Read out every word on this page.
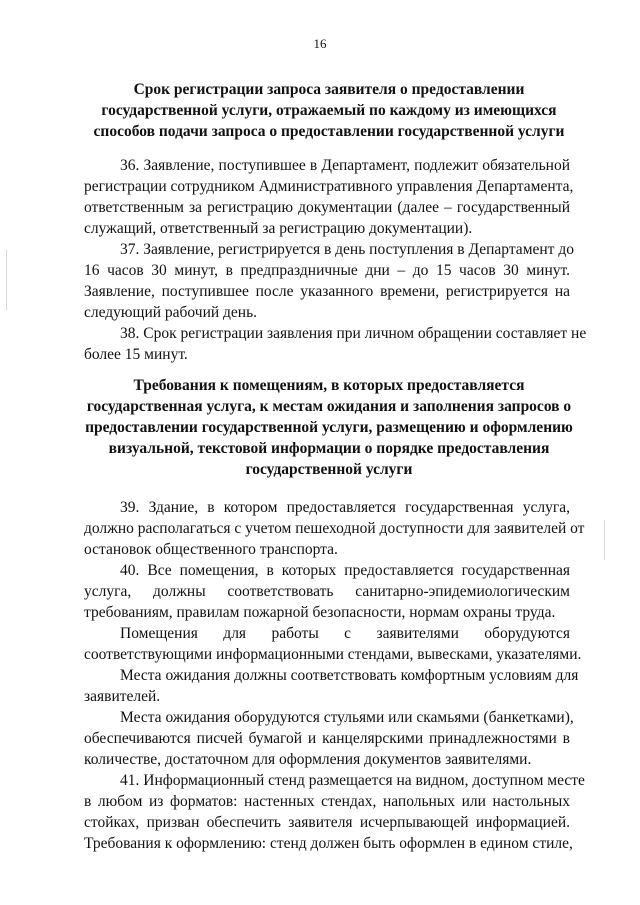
16
Срок регистрации запроса заявителя о предоставлении
государственной услуги, отражаемый по каждому из имеющихся
способов подачи запроса о предоставлении государственной услуги
36. Заявление, поступившее в Департамент, подлежит обязательной
регистрации сотрудником Административного управления Департамента,
ответственным за регистрацию документации (далее – государственный
служащий, ответственный за регистрацию документации).
37. Заявление, регистрируется в день поступления в Департамент до
16 часов 30 минут, в предпраздничные дни – до 15 часов 30 минут.
Заявление, поступившее после указанного времени, регистрируется на
следующий рабочий день.
38. Срок регистрации заявления при личном обращении составляет не
более 15 минут.
Требования к помещениям, в которых предоставляется
государственная услуга, к местам ожидания и заполнения запросов о
предоставлении государственной услуги, размещению и оформлению
визуальной, текстовой информации о порядке предоставления
государственной услуги
39. Здание, в котором предоставляется государственная услуга,
должно располагаться с учетом пешеходной доступности для заявителей от
остановок общественного транспорта.
40. Все помещения, в которых предоставляется государственная
услуга, должны соответствовать санитарно-эпидемиологическим
требованиям, правилам пожарной безопасности, нормам охраны труда.
Помещения для работы с заявителями оборудуются
соответствующими информационными стендами, вывесками, указателями.
Места ожидания должны соответствовать комфортным условиям для
заявителей.
Места ожидания оборудуются стульями или скамьями (банкетками),
обеспечиваются писчей бумагой и канцелярскими принадлежностями в
количестве, достаточном для оформления документов заявителями.
41. Информационный стенд размещается на видном, доступном месте
в любом из форматов: настенных стендах, напольных или настольных
стойках, призван обеспечить заявителя исчерпывающей информацией.
Требования к оформлению: стенд должен быть оформлен в едином стиле,
